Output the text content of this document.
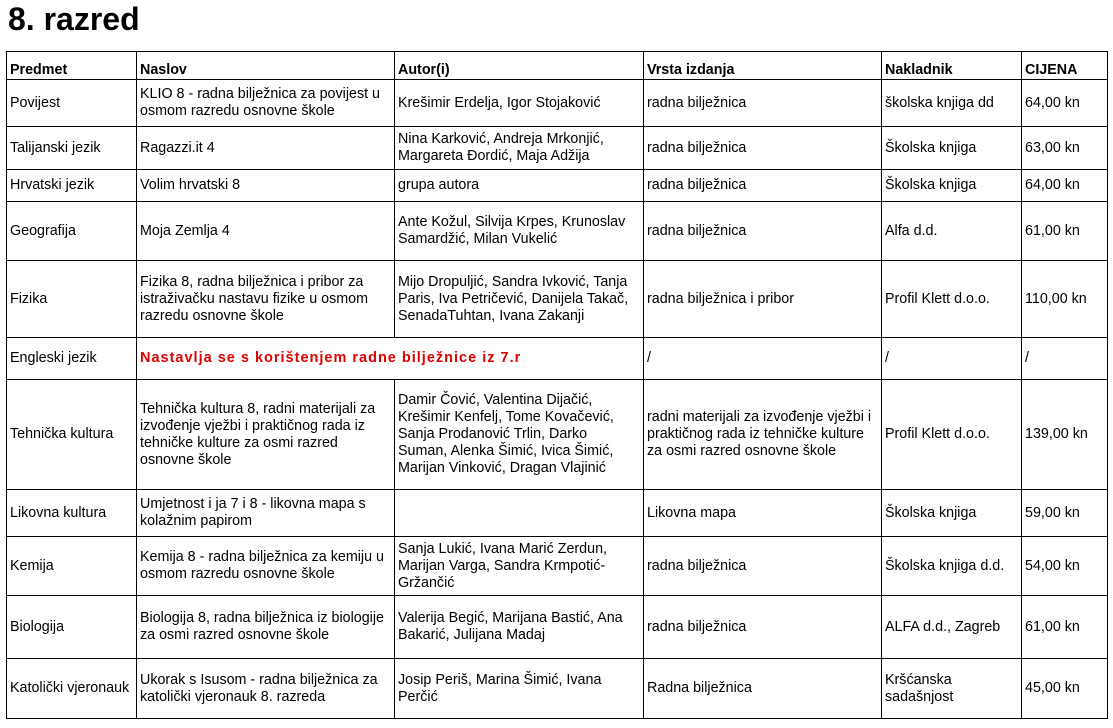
8. razred
Predmet	Naslov	Autor(i)	Vrsta izdanja	Nakladnik	CIJENA
Povijest	KLIO 8 - radna bilježnica za povijest u osmom razredu osnovne škole	Krešimir Erdelja, Igor Stojaković	radna bilježnica	školska knjiga dd	64,00 kn
Talijanski jezik	Ragazzi.it 4	Nina Karković, Andreja Mrkonjić, Margareta Đordić, Maja Adžija	radna bilježnica	Školska knjiga	63,00 kn
Hrvatski jezik	Volim hrvatski 8	grupa autora	radna bilježnica	Školska knjiga	64,00 kn
Geografija	Moja Zemlja 4	Ante Kožul, Silvija Krpes, Krunoslav Samardžić, Milan Vukelić	radna bilježnica	Alfa d.d.	61,00 kn
Fizika	Fizika 8, radna bilježnica i pribor za istraživačku nastavu fizike u osmom razredu osnovne škole	Mijo Dropuljić, Sandra Ivković, Tanja Paris, Iva Petričević, Danijela Takač, SenadaTuhtan, Ivana Zakanji	radna bilježnica i pribor	Profil Klett d.o.o.	110,00 kn
Engleski jezik	Nastavlja se s korištenjem radne bilježnice iz 7.r		/	/	/
Tehnička kultura	Tehnička kultura 8, radni materijali za izvođenje vježbi i praktičnog rada iz tehničke kulture za osmi razred osnovne škole	Damir Čović, Valentina Dijačić, Krešimir Kenfelj, Tome Kovačević, Sanja Prodanović Trlin, Darko Suman, Alenka Šimić, Ivica Šimić, Marijan Vinković, Dragan Vlajinić	radni materijali za izvođenje vježbi i praktičnog rada iz tehničke kulture za osmi razred osnovne škole	Profil Klett d.o.o.	139,00 kn
Likovna kultura	Umjetnost i ja 7 i 8 - likovna mapa s kolažnim papirom		Likovna mapa	Školska knjiga	59,00 kn
Kemija	Kemija 8 - radna bilježnica za kemiju u osmom razredu osnovne škole	Sanja Lukić, Ivana Marić Zerdun, Marijan Varga, Sandra Krmpotić-Gržančić	radna bilježnica	Školska knjiga d.d.	54,00 kn
Biologija	Biologija 8, radna bilježnica iz biologije za osmi razred osnovne škole	Valerija Begić, Marijana Bastić, Ana Bakarić, Julijana Madaj	radna bilježnica	ALFA d.d., Zagreb	61,00 kn
Katolički vjeronauk	Ukorak s Isusom - radna bilježnica za katolički vjeronauk 8. razreda	Josip Periš, Marina Šimić, Ivana Perčić	Radna bilježnica	Kršćanska sadašnjost	45,00 kn
